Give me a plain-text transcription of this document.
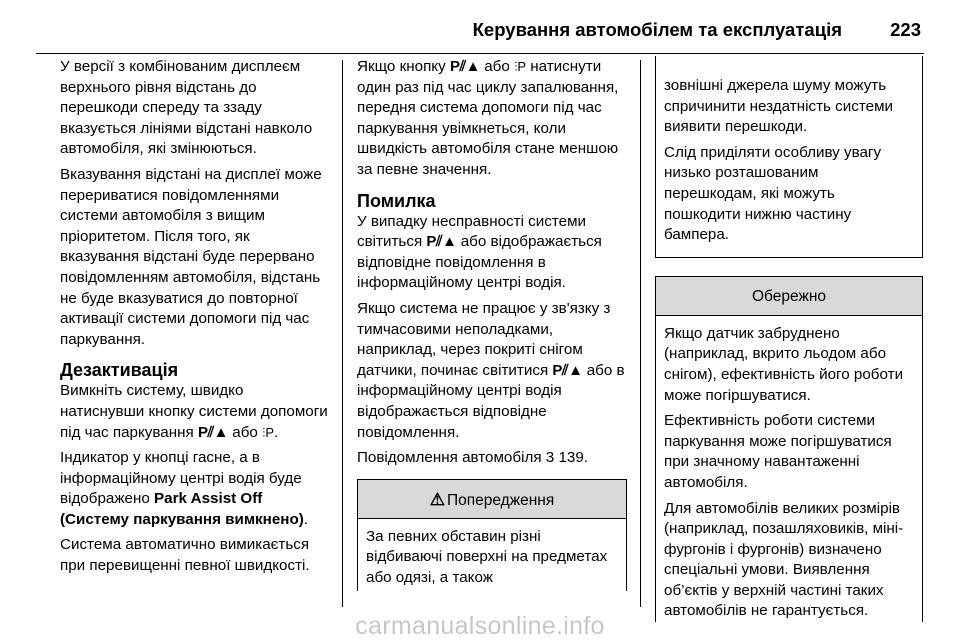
Керування автомобілем та експлуатація	223

У версії з комбінованим дисплеєм верхнього рівня відстань до перешкоди спереду та ззаду вказується лініями відстані навколо автомобіля, які змінюються.

Вказування відстані на дисплеї може перериватися повідомленнями системи автомобіля з вищим пріоритетом. Після того, як вказування відстані буде перервано повідомленням автомобіля, відстань не буде вказуватися до повторної активації системи допомоги під час паркування.

Дезактивація

Вимкніть систему, швидко натиснувши кнопку системи допомоги під час паркування P⫽▲ або ⫶P.

Індикатор у кнопці гасне, а в інформаційному центрі водія буде відображено Park Assist Off (Систему паркування вимкнено).

Система автоматично вимикається при перевищенні певної швидкості.

Якщо кнопку P⫽▲ або ⫶P натиснути один раз під час циклу запалювання, передня система допомоги під час паркування увімкнеться, коли швидкість автомобіля стане меншою за певне значення.

Помилка

У випадку несправності системи світиться P⫽▲ або відображається відповідне повідомлення в інформаційному центрі водія.

Якщо система не працює у зв'язку з тимчасовими неполадками, наприклад, через покриті снігом датчики, починає світитися P⫽▲ або в інформаційному центрі водія відображається відповідне повідомлення.

Повідомлення автомобіля 3 139.

⚠ Попередження

За певних обставин різні відбиваючі поверхні на предметах або одязі, а також

зовнішні джерела шуму можуть спричинити нездатність системи виявити перешкоди.

Слід приділяти особливу увагу низько розташованим перешкодам, які можуть пошкодити нижню частину бампера.

Обережно

Якщо датчик забруднено (наприклад, вкрито льодом або снігом), ефективність його роботи може погіршуватися.

Ефективність роботи системи паркування може погіршуватися при значному навантаженні автомобіля.

Для автомобілів великих розмірів (наприклад, позашляховиків, міні-фургонів і фургонів) визначено спеціальні умови. Виявлення об’єктів у верхній частині таких автомобілів не гарантується.

carmanualsonline.info
